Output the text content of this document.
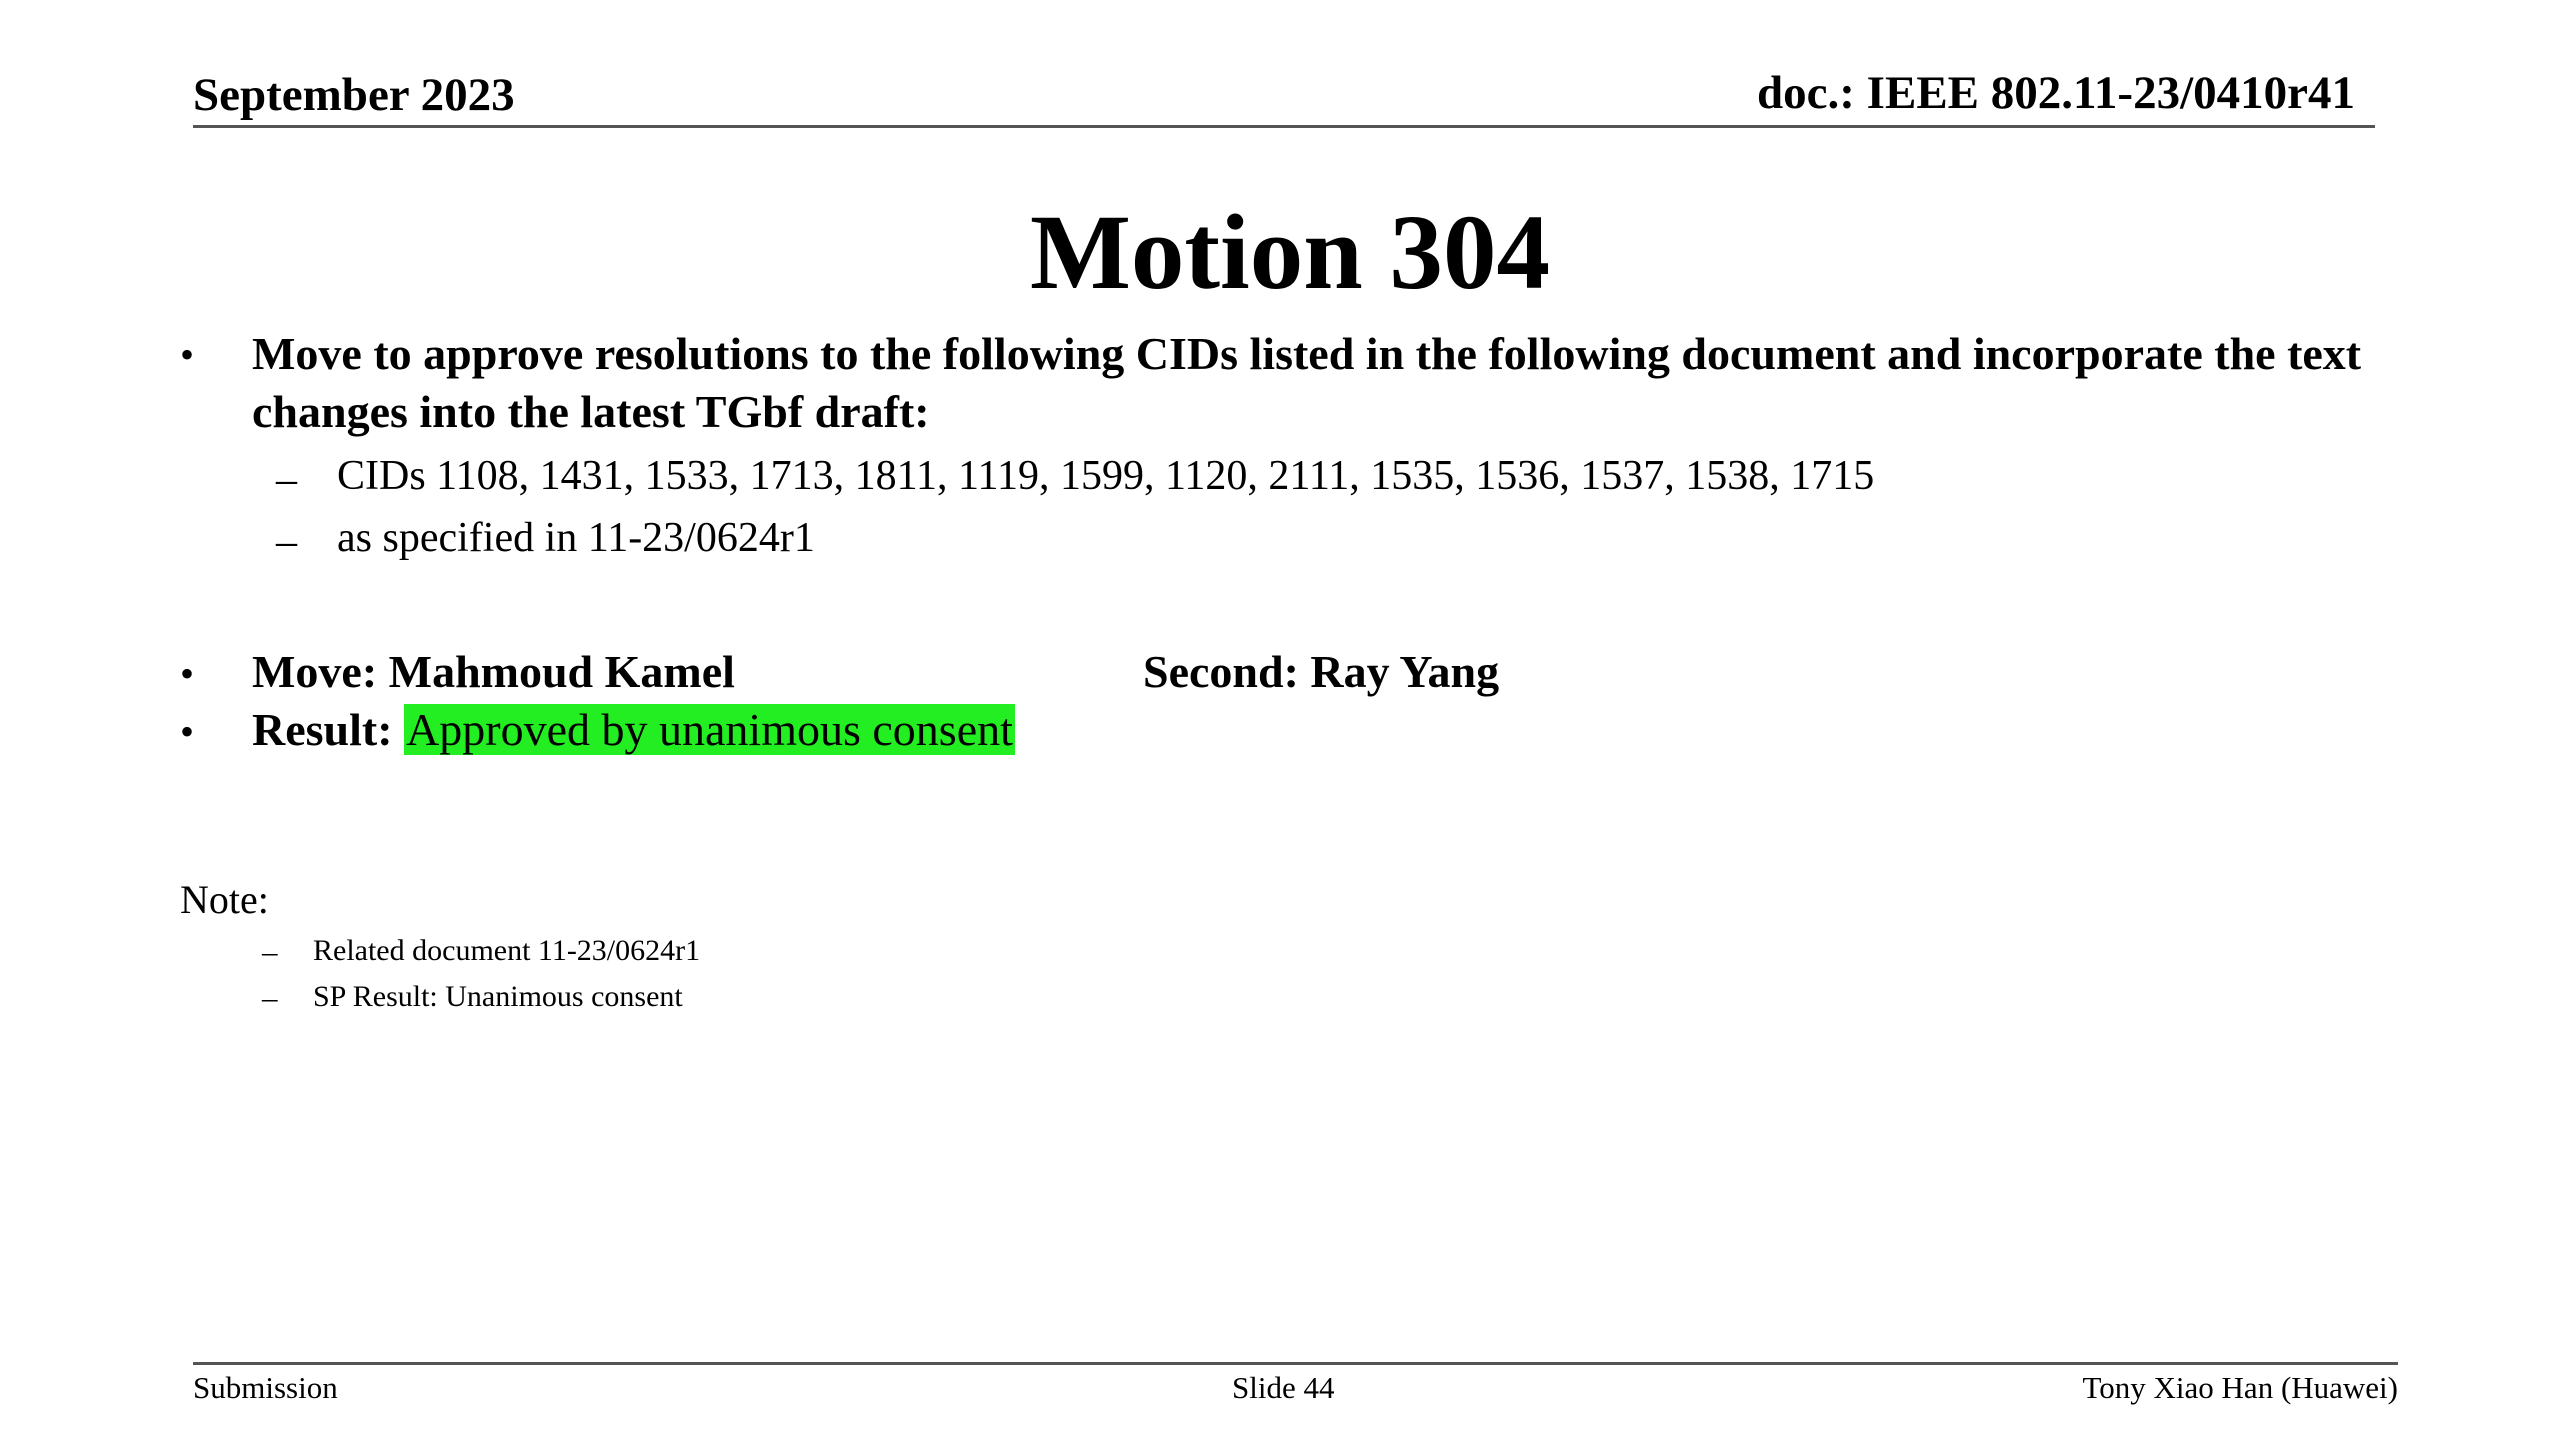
September 2023	doc.: IEEE 802.11-23/0410r41
Motion 304
• Move to approve resolutions to the following CIDs listed in the following document and incorporate the text changes into the latest TGbf draft:
– CIDs 1108, 1431, 1533, 1713, 1811, 1119, 1599, 1120, 2111, 1535, 1536, 1537, 1538, 1715
– as specified in 11-23/0624r1
• Move: Mahmoud Kamel	Second: Ray Yang
• Result: Approved by unanimous consent
Note:
– Related document 11-23/0624r1
– SP Result: Unanimous consent
Submission	Slide 44	Tony Xiao Han (Huawei)
